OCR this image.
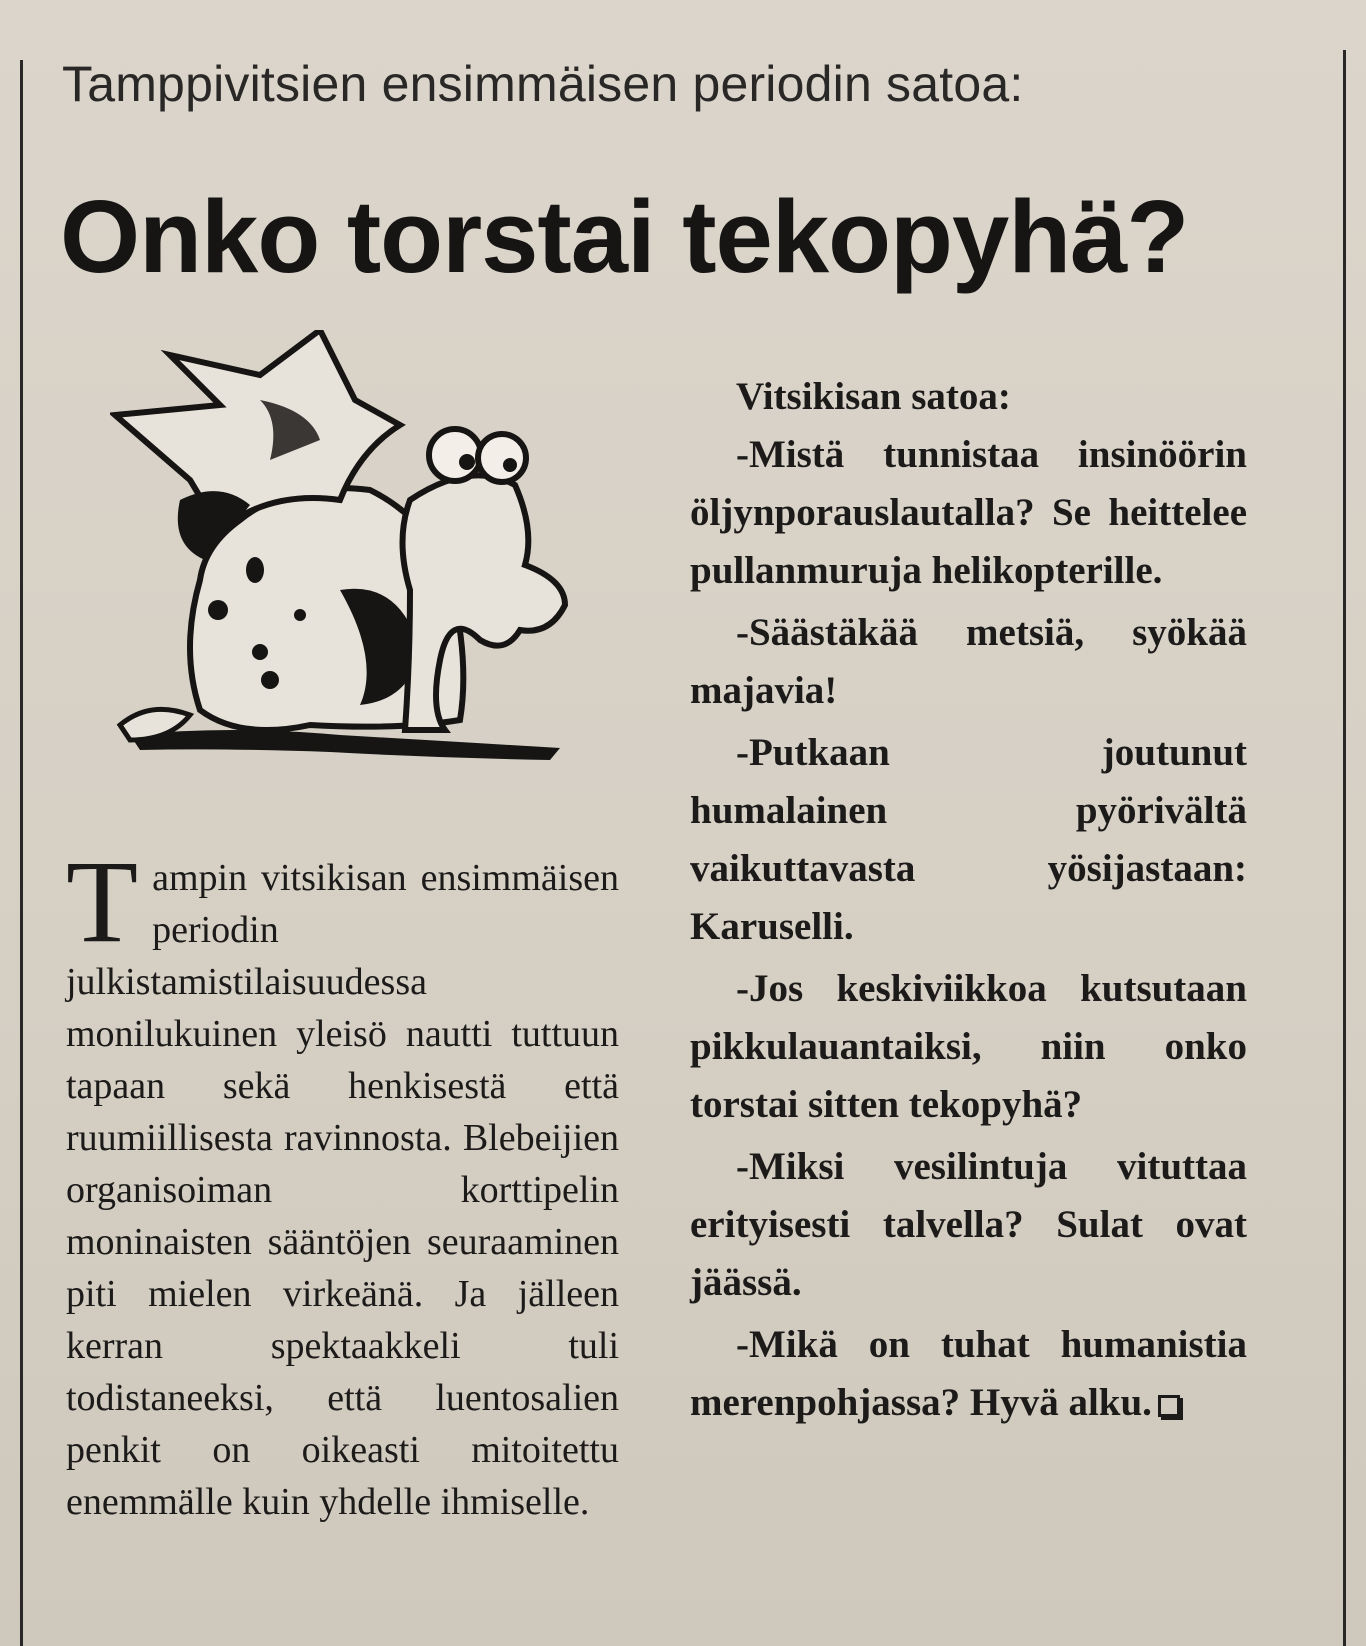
Tamppivitsien ensimmäisen periodin satoa:
Onko torstai tekopyhä?

Tampin vitsikisan ensimmäisen periodin julkistamistilaisuudessa monilukuinen yleisö nautti tuttuun tapaan sekä henkisestä että ruumiillisesta ravinnosta. Blebeijien organisoiman korttipelin moninaisten sääntöjen seuraaminen piti mielen virkeänä. Ja jälleen kerran spektaakkeli tuli todistaneeksi, että luentosalien penkit on oikeasti mitoitettu enemmälle kuin yhdelle ihmiselle.

Vitsikisan satoa:

-Mistä tunnistaa insinöörin öljynporauslautalla? Se heittelee pullanmuruja helikopterille.

-Säästäkää metsiä, syökää majavia!

-Putkaan joutunut humalainen pyörivältä vaikuttavasta yösijastaan: Karuselli.

-Jos keskiviikkoa kutsutaan pikkulauantaiksi, niin onko torstai sitten tekopyhä?

-Miksi vesilintuja vituttaa erityisesti talvella? Sulat ovat jäässä.

-Mikä on tuhat humanistia merenpohjassa? Hyvä alku.
